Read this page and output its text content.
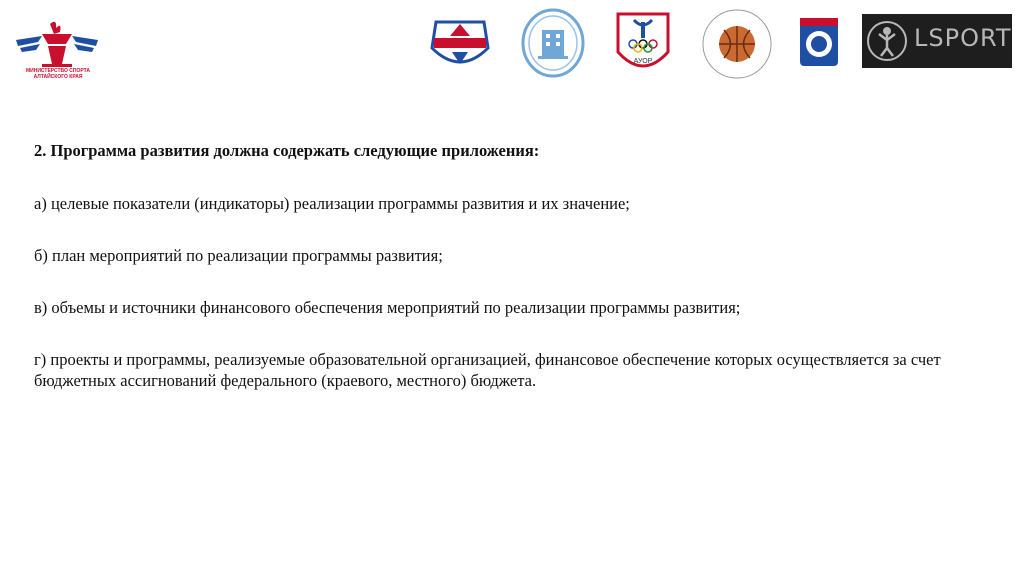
МИНИСТЕРСТВО СПОРТА АЛТАЙСКОГО КРАЯ
АУОР
LSPORT

2. Программа развития должна содержать следующие приложения:

а) целевые показатели (индикаторы) реализации программы развития и их значение;

б) план мероприятий по реализации программы развития;

в) объемы и источники финансового обеспечения мероприятий по реализации программы развития;

г) проекты и программы, реализуемые образовательной организацией, финансовое обеспечение которых осуществляется за счет бюджетных ассигнований федерального (краевого, местного) бюджета.
